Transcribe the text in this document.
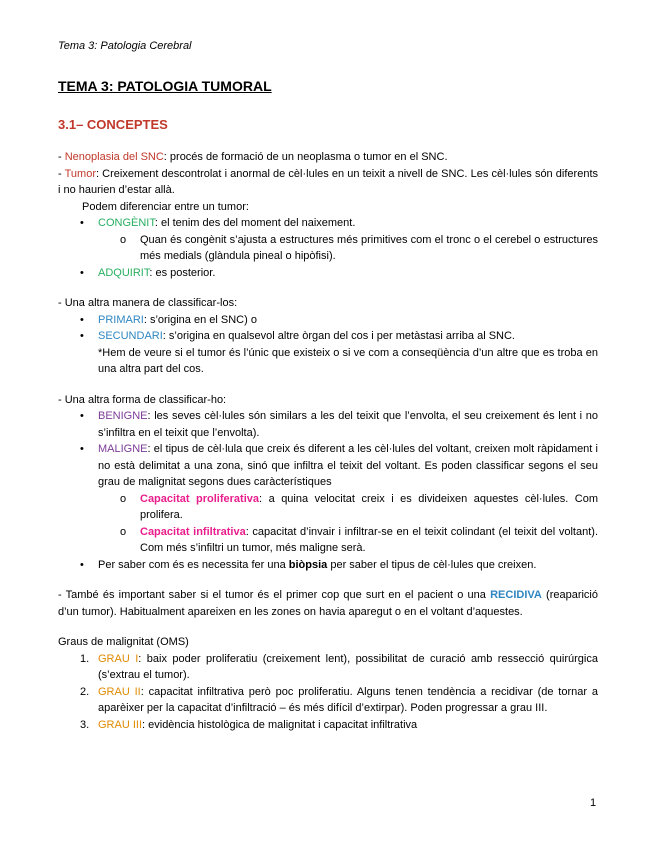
Tema 3: Patologia Cerebral
TEMA 3: PATOLOGIA TUMORAL
3.1– CONCEPTES

- Nenoplasia del SNC: procés de formació de un neoplasma o tumor en el SNC.

- Tumor: Creixement descontrolat i anormal de cèl·lules en un teixit a nivell de SNC. Les cèl·lules són diferents i no haurien d’estar allà.

Podem diferenciar entre un tumor:

• CONGÈNIT: el tenim des del moment del naixement.
o Quan és congènit s’ajusta a estructures més primitives com el tronc o el cerebel o estructures més medials (glàndula pineal o hipòfisi).
• ADQUIRIT: es posterior.

- Una altra manera de classificar-los:

• PRIMARI: s’origina en el SNC) o
• SECUNDARI: s’origina en qualsevol altre òrgan del cos i per metàstasi arriba al SNC.

*Hem de veure si el tumor és l’únic que existeix o si ve com a conseqüència d’un altre que es troba en una altra part del cos.

- Una altra forma de classificar-ho:

• BENIGNE: les seves cèl·lules són similars a les del teixit que l’envolta, el seu creixement és lent i no s’infiltra en el teixit que l’envolta).
• MALIGNE: el tipus de cèl·lula que creix és diferent a les cèl·lules del voltant, creixen molt ràpidament i no està delimitat a una zona, sinó que infiltra el teixit del voltant. Es poden classificar segons el seu grau de malignitat segons dues caràcterístiques
o Capacitat proliferativa: a quina velocitat creix i es divideixen aquestes cèl·lules. Com prolifera.
o Capacitat infiltrativa: capacitat d’invair i infiltrar-se en el teixit colindant (el teixit del voltant). Com més s’infiltri un tumor, més maligne serà.
• Per saber com és es necessita fer una biòpsia per saber el tipus de cèl·lules que creixen.

- També és important saber si el tumor és el primer cop que surt en el pacient o una RECIDIVA (reaparició d’un tumor). Habitualment apareixen en les zones on havia aparegut o en el voltant d’aquestes.

Graus de malignitat (OMS)

1. GRAU I: baix poder proliferatiu (creixement lent), possibilitat de curació amb ressecció quirúrgica (s’extrau el tumor).
2. GRAU II: capacitat infiltrativa però poc proliferatiu. Alguns tenen tendència a recidivar (de tornar a aparèixer per la capacitat d’infiltració – és més difícil d’extirpar). Poden progressar a grau III.
3. GRAU III: evidència histològica de malignitat i capacitat infiltrativa
1
